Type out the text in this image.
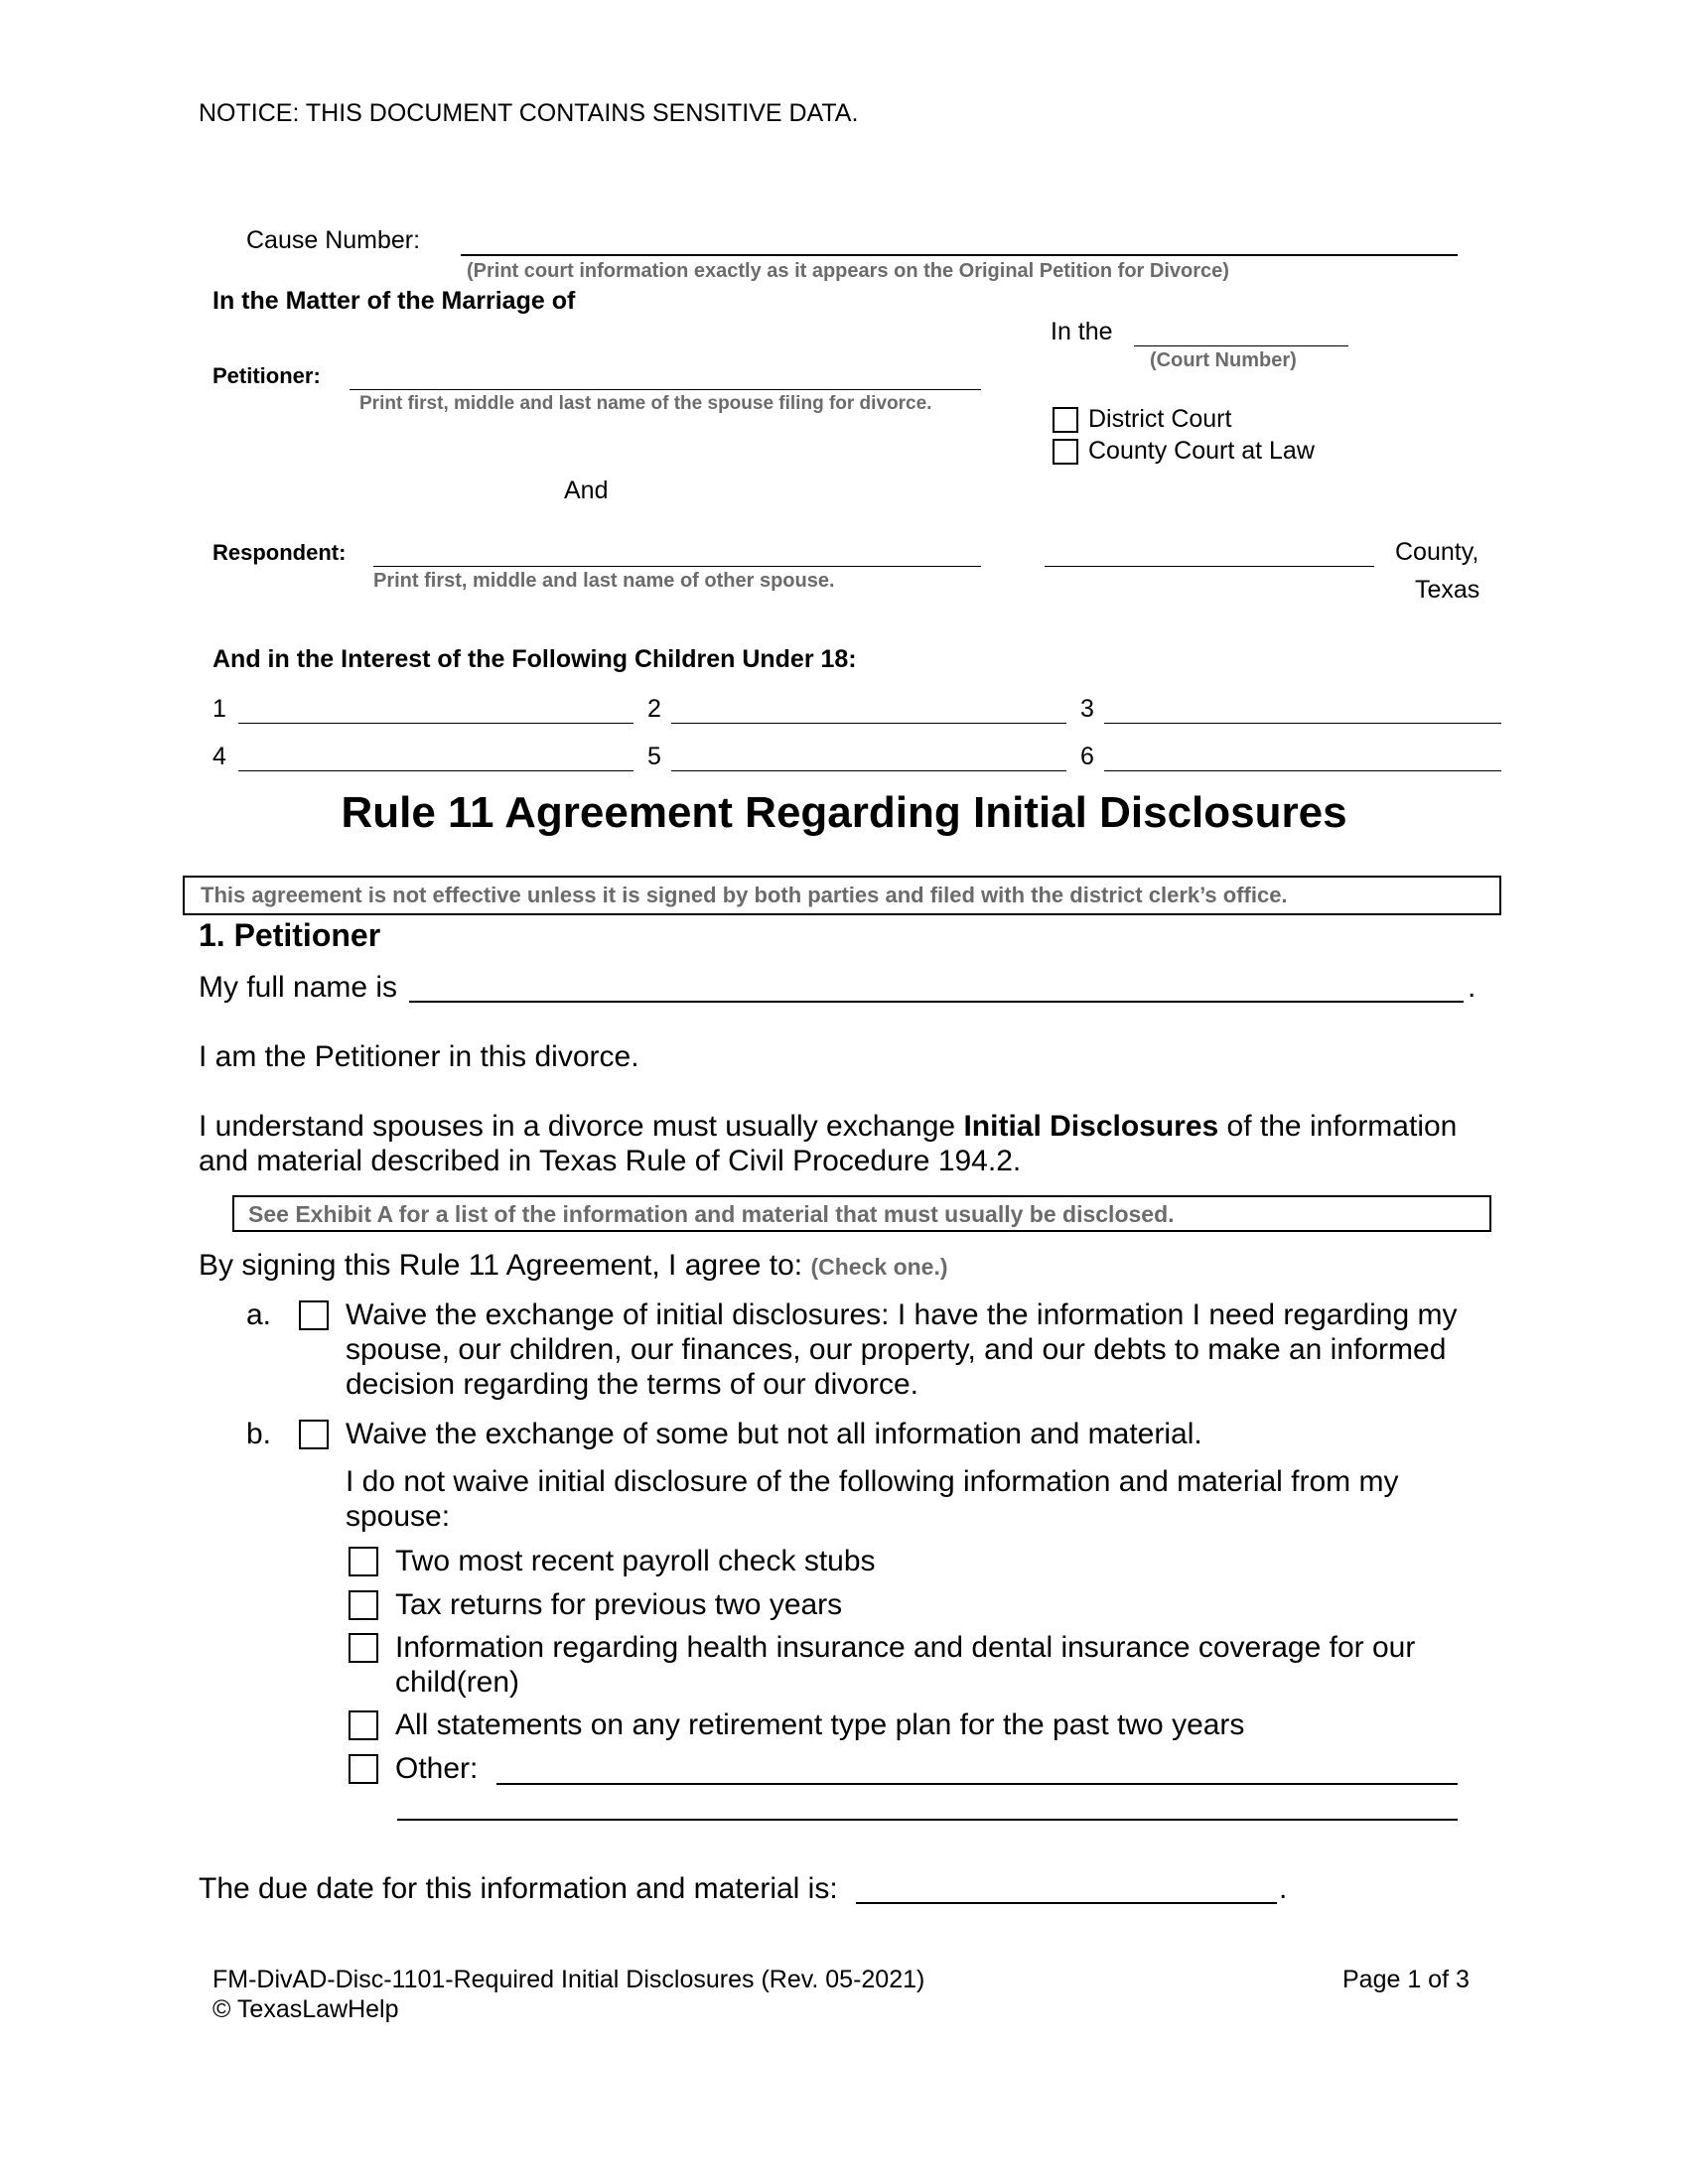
NOTICE: THIS DOCUMENT CONTAINS SENSITIVE DATA.
Cause Number:
(Print court information exactly as it appears on the Original Petition for Divorce)
In the Matter of the Marriage of
In the
(Court Number)
Petitioner:
Print first, middle and last name of the spouse filing for divorce.
District Court
County Court at Law
And
Respondent:
Print first, middle and last name of other spouse.
County,
Texas
And in the Interest of the Following Children Under 18:
1	2	3
4	5	6
Rule 11 Agreement Regarding Initial Disclosures
This agreement is not effective unless it is signed by both parties and filed with the district clerk’s office.
1. Petitioner
My full name is	.
I am the Petitioner in this divorce.
I understand spouses in a divorce must usually exchange Initial Disclosures of the information
and material described in Texas Rule of Civil Procedure 194.2.
See Exhibit A for a list of the information and material that must usually be disclosed.
By signing this Rule 11 Agreement, I agree to: (Check one.)
a. Waive the exchange of initial disclosures: I have the information I need regarding my
spouse, our children, our finances, our property, and our debts to make an informed
decision regarding the terms of our divorce.
b. Waive the exchange of some but not all information and material.
I do not waive initial disclosure of the following information and material from my
spouse:
Two most recent payroll check stubs
Tax returns for previous two years
Information regarding health insurance and dental insurance coverage for our
child(ren)
All statements on any retirement type plan for the past two years
Other:
The due date for this information and material is:	.
FM-DivAD-Disc-1101-Required Initial Disclosures (Rev. 05-2021)
© TexasLawHelp
Page 1 of 3
